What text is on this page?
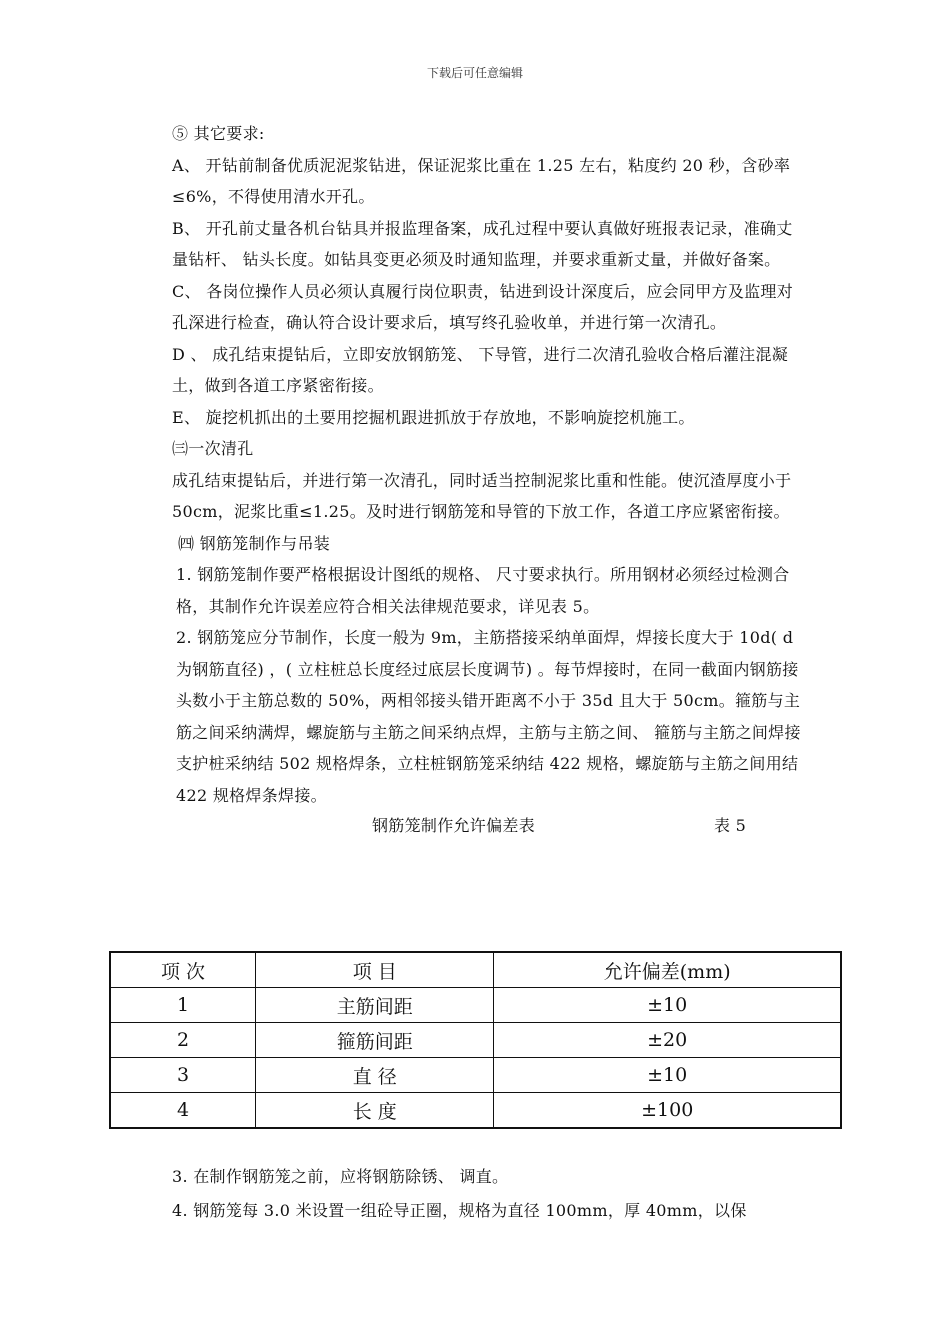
下载后可任意编辑

⑤ 其它要求:

A、 开钻前制备优质泥泥浆钻进，保证泥浆比重在 1.25 左右，粘度约 20 秒，含砂率≤6%，不得使用清水开孔。

B、 开孔前丈量各机台钻具并报监理备案，成孔过程中要认真做好班报表记录，准确丈量钻杆、 钻头长度。如钻具变更必须及时通知监理，并要求重新丈量，并做好备案。

C、 各岗位操作人员必须认真履行岗位职责，钻进到设计深度后，应会同甲方及监理对孔深进行检查，确认符合设计要求后，填写终孔验收单，并进行第一次清孔。

D 、 成孔结束提钻后，立即安放钢筋笼、 下导管，进行二次清孔验收合格后灌注混凝土，做到各道工序紧密衔接。

E、 旋挖机抓出的土要用挖掘机跟进抓放于存放地，不影响旋挖机施工。

㈢一次清孔

成孔结束提钻后，并进行第一次清孔，同时适当控制泥浆比重和性能。使沉渣厚度小于 50cm，泥浆比重≤1.25。及时进行钢筋笼和导管的下放工作，各道工序应紧密衔接。

㈣ 钢筋笼制作与吊装

1. 钢筋笼制作要严格根据设计图纸的规格、 尺寸要求执行。所用钢材必须经过检测合格，其制作允许误差应符合相关法律规范要求，详见表 5。

2. 钢筋笼应分节制作，长度一般为 9m，主筋搭接采纳单面焊，焊接长度大于 10d( d 为钢筋直径) ，( 立柱桩总长度经过底层长度调节) 。每节焊接时，在同一截面内钢筋接头数小于主筋总数的 50%，两相邻接头错开距离不小于 35d 且大于 50cm。箍筋与主筋之间采纳满焊，螺旋筋与主筋之间采纳点焊，主筋与主筋之间、 箍筋与主筋之间焊接支护桩采纳结 502 规格焊条，立柱桩钢筋笼采纳结 422 规格，螺旋筋与主筋之间用结 422 规格焊条焊接。

钢筋笼制作允许偏差表	表 5
项 次	项 目	允许偏差(mm)
1	主筋间距	±10
2	箍筋间距	±20
3	直 径	±10
4	长 度	±100

3. 在制作钢筋笼之前，应将钢筋除锈、 调直。

4. 钢筋笼每 3.0 米设置一组砼导正圈，规格为直径 100mm，厚 40mm，以保
